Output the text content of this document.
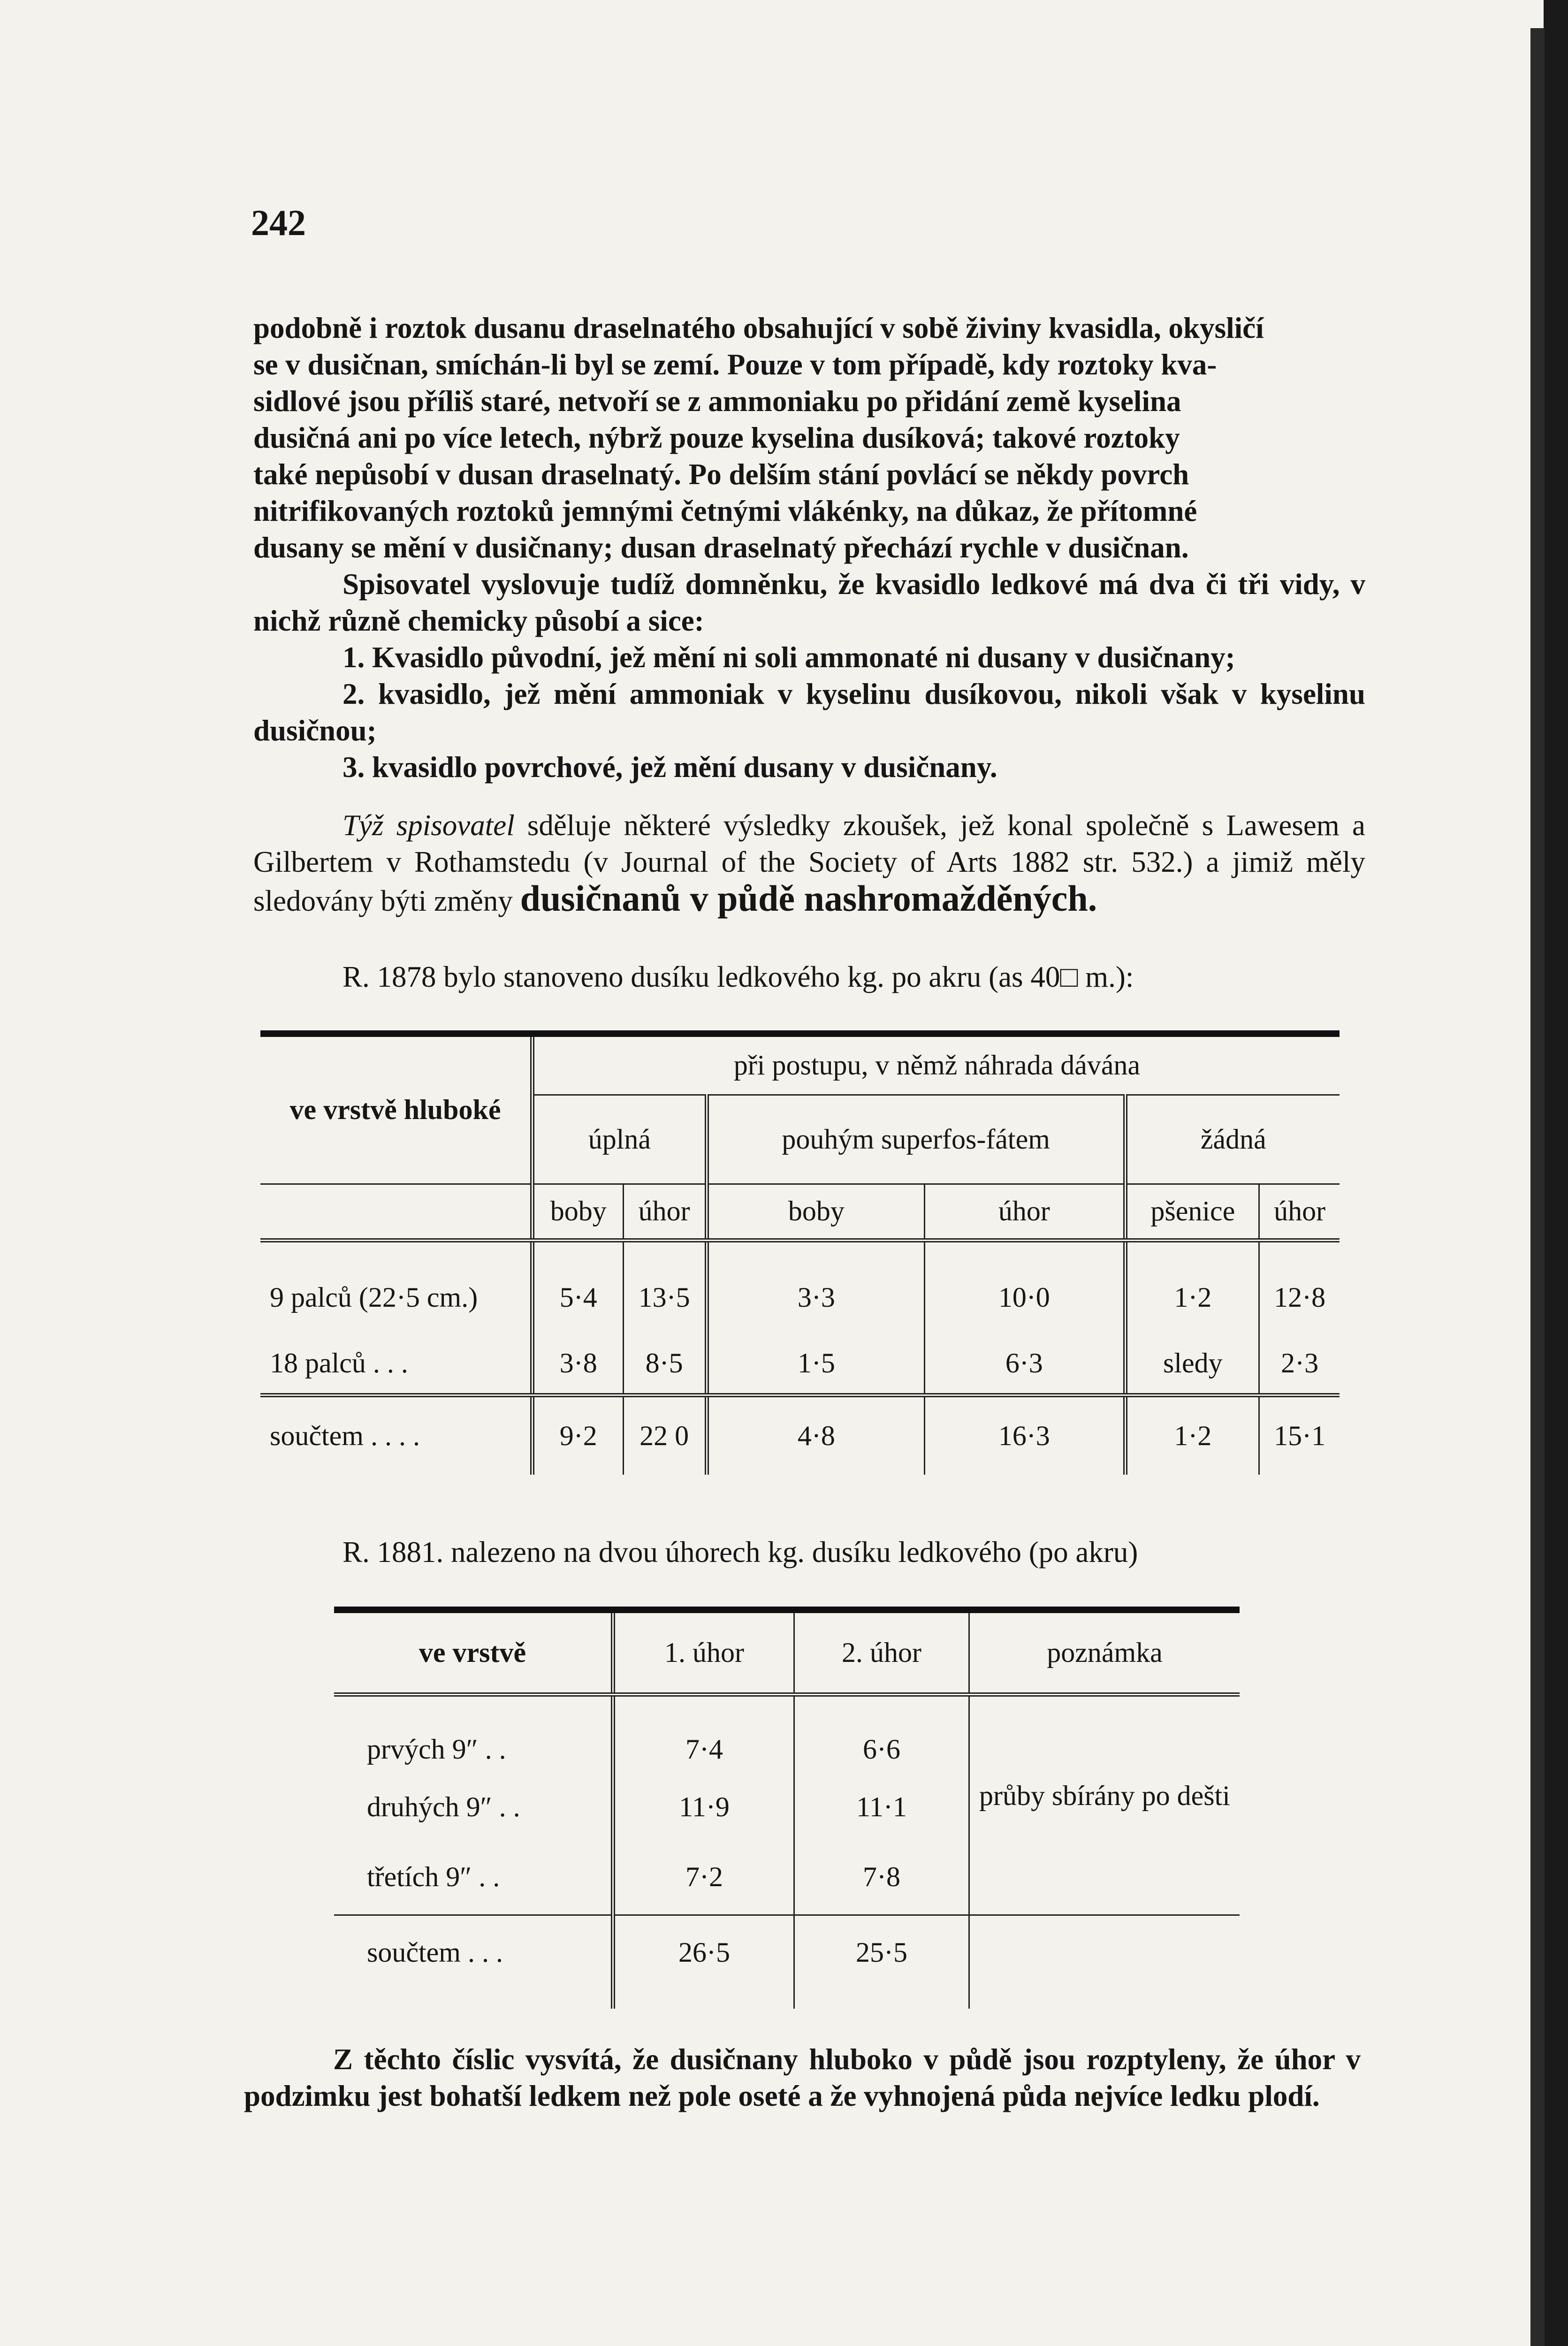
242
podobně i roztok dusanu draselnatého obsahující v sobě živiny kvasidla, okysličí
se v dusičnan, smíchán-li byl se zemí. Pouze v tom případě, kdy roztoky kva-
sidlové jsou příliš staré, netvoří se z ammoniaku po přidání země kyselina
dusičná ani po více letech, nýbrž pouze kyselina dusíková; takové roztoky
také nepůsobí v dusan draselnatý. Po delším stání povlácí se někdy povrch
nitrifikovaných roztoků jemnými četnými vlákénky, na důkaz, že přítomné
dusany se mění v dusičnany; dusan draselnatý přechází rychle v dusičnan.
Spisovatel vyslovuje tudíž domněnku, že kvasidlo ledkové má dva či tři vidy, v nichž různě chemicky působí a sice:
1. Kvasidlo původní, jež mění ni soli ammonaté ni dusany v dusičnany;
2. kvasidlo, jež mění ammoniak v kyselinu dusíkovou, nikoli však v kyselinu dusičnou;
3. kvasidlo povrchové, jež mění dusany v dusičnany.
Týž spisovatel sděluje některé výsledky zkoušek, jež konal společně s Lawesem a Gilbertem v Rothamstedu (v Journal of the Society of Arts 1882 str. 532.) a jimiž měly sledovány býti změny dusičnanů v půdě nashromažděných.
R. 1878 bylo stanoveno dusíku ledkového kg. po akru (as 40□ m.):
ve vrstvě hluboké	při postupu, v němž náhrada dávána					
	úplná		pouhým superfos-fátem		žádná	
	boby	úhor	boby	úhor	pšenice	úhor
9 palců (22·5 cm.)	5·4	13·5	3·3	10·0	1·2	12·8
18 palců . . .	3·8	8·5	1·5	6·3	sledy	2·3
součtem . . . .	9·2	22 0	4·8	16·3	1·2	15·1
R. 1881. nalezeno na dvou úhorech kg. dusíku ledkového (po akru)
ve vrstvě	1. úhor	2. úhor	poznámka
prvých 9″ . .	7·4	6·6	průby sbírány po dešti
druhých 9″ . .	11·9	11·1	
třetích 9″ . .	7·2	7·8	
součtem . . .	26·5	25·5	
Z těchto číslic vysvítá, že dusičnany hluboko v půdě jsou rozptyleny, že úhor v podzimku jest bohatší ledkem než pole oseté a že vyhnojená půda nejvíce ledku plodí.
